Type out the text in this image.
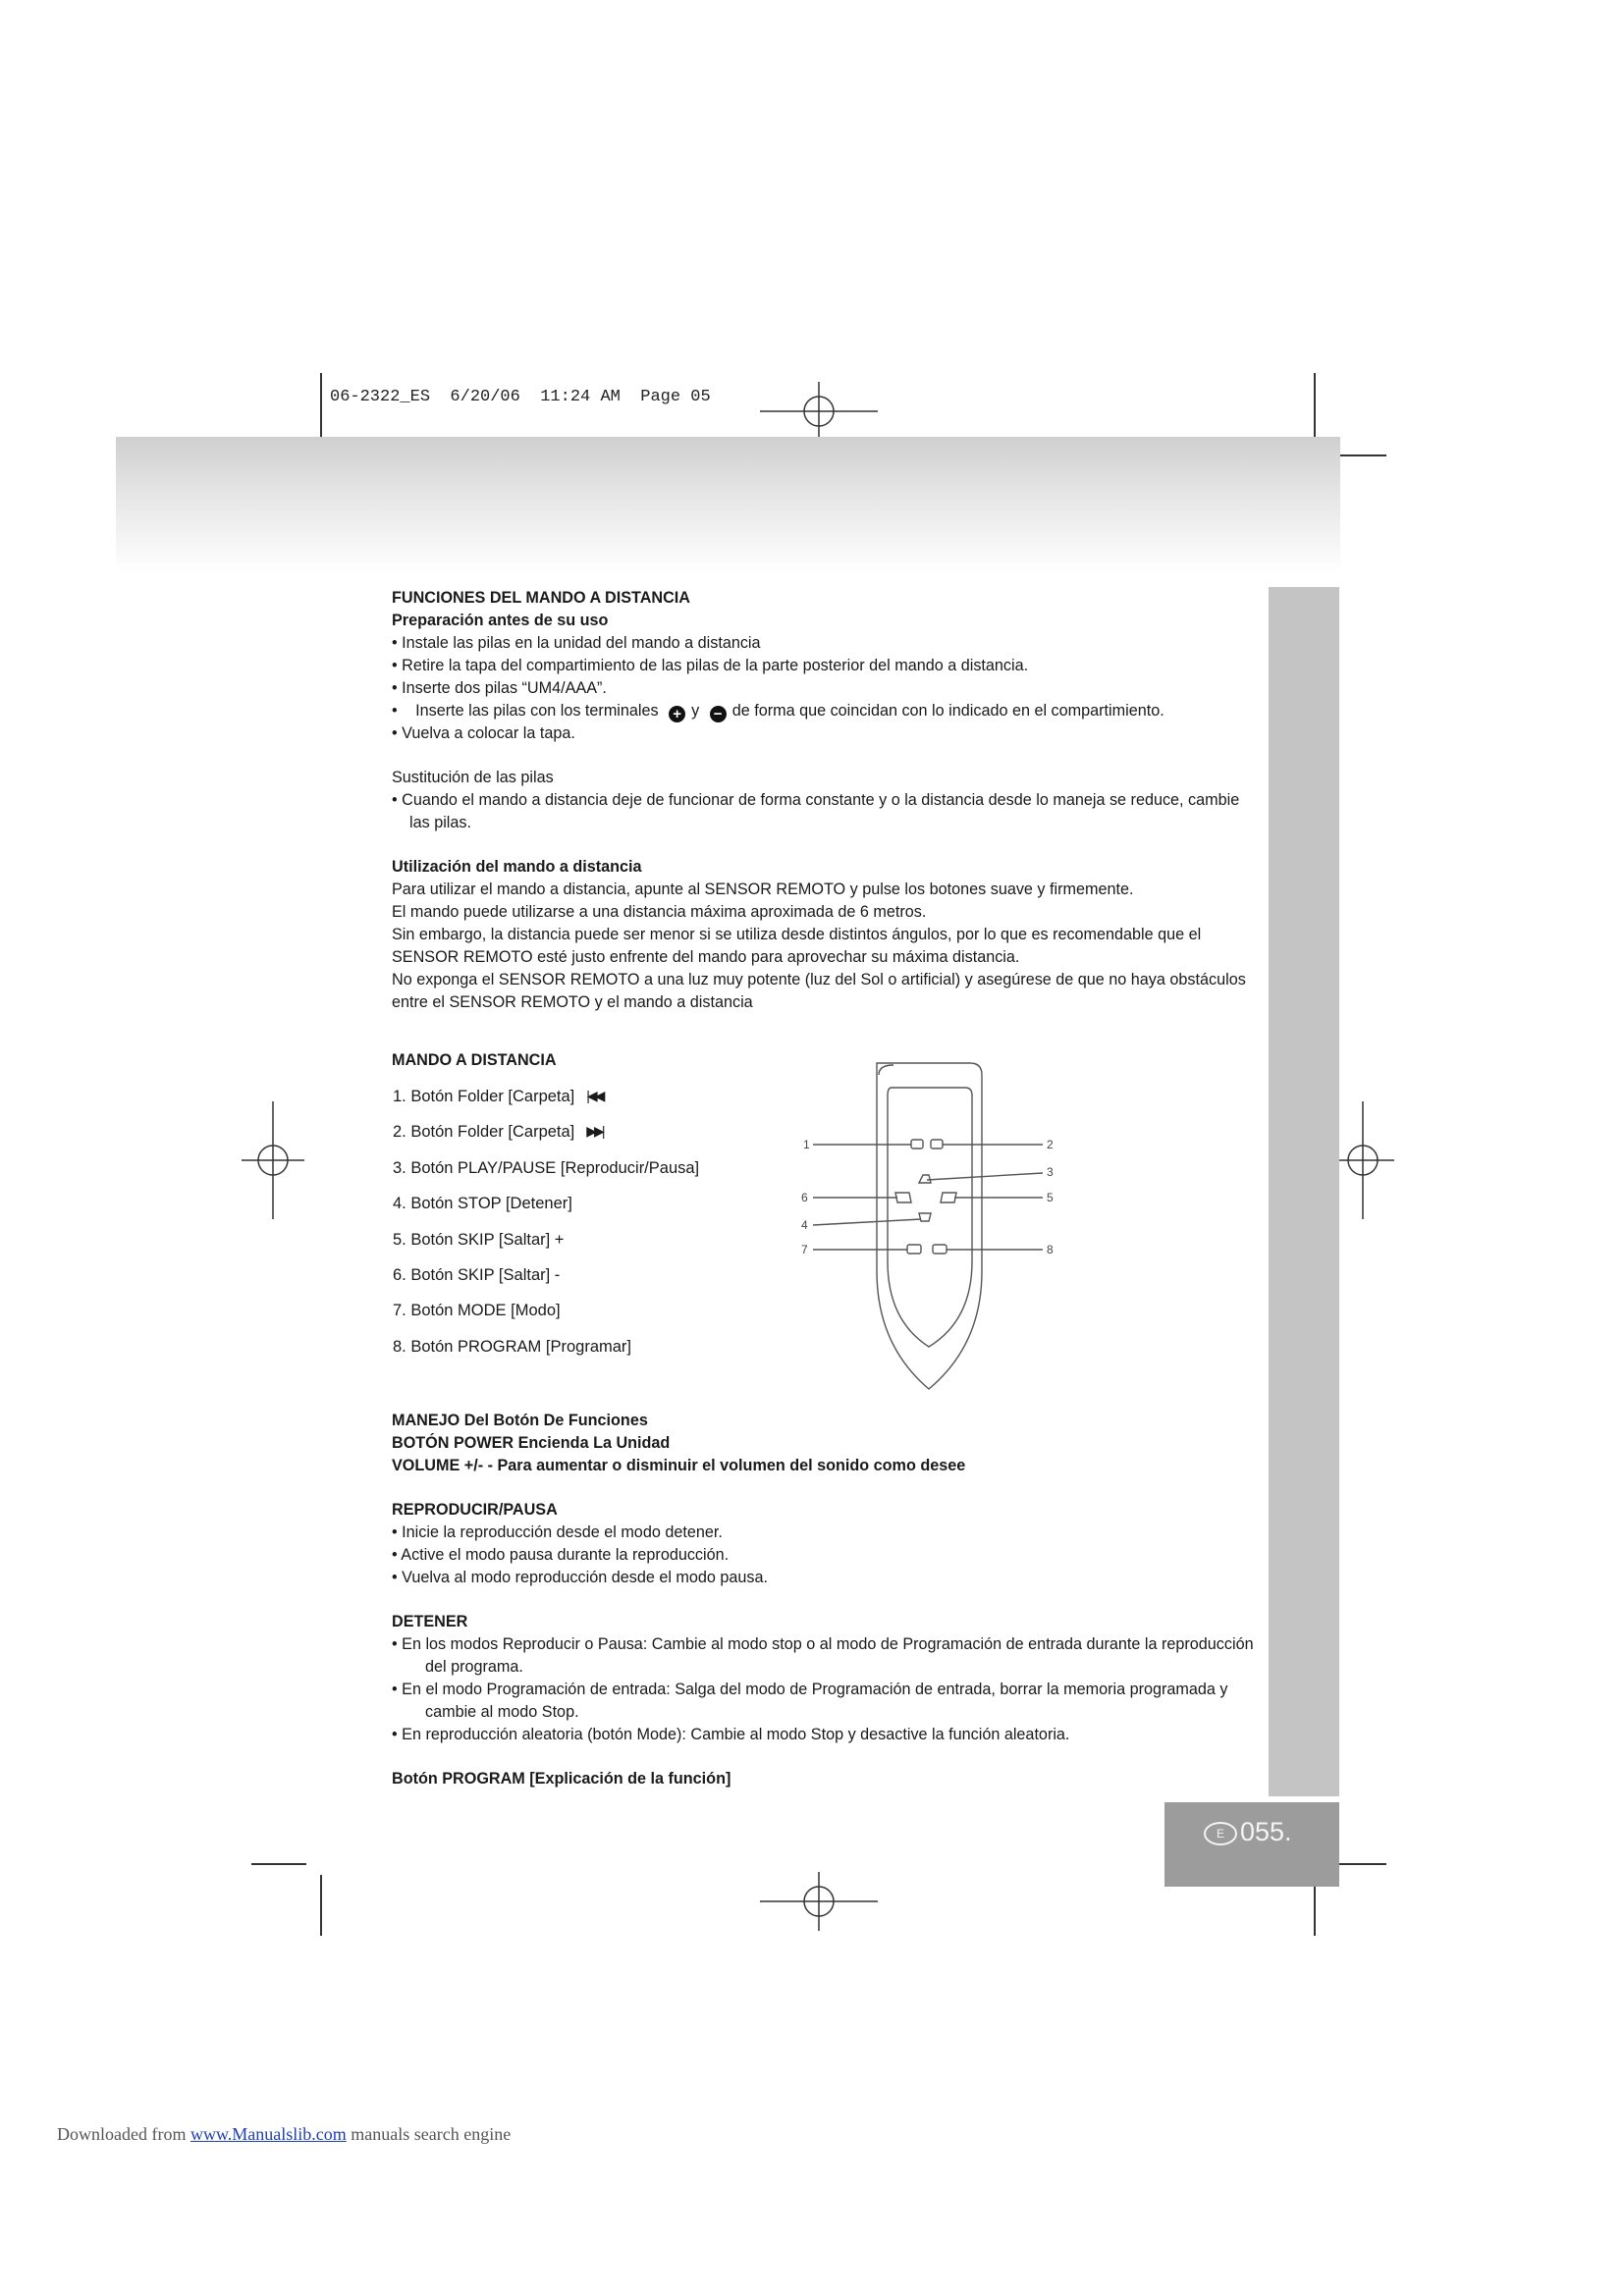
06-2322_ES  6/20/06  11:24 AM  Page 05
E 055.
FUNCIONES DEL MANDO A DISTANCIA
Preparación antes de su uso
• Instale las pilas en la unidad del mando a distancia
• Retire la tapa del compartimiento de las pilas de la parte posterior del mando a distancia.
• Inserte dos pilas “UM4/AAA”.
• Inserte las pilas con los terminales + y − de forma que coincidan con lo indicado en el compartimiento.
• Vuelva a colocar la tapa.
Sustitución de las pilas
• Cuando el mando a distancia deje de funcionar de forma constante y o la distancia desde lo maneja se reduce, cambie las pilas.
Utilización del mando a distancia
Para utilizar el mando a distancia, apunte al SENSOR REMOTO y pulse los botones suave y firmemente.
El mando puede utilizarse a una distancia máxima aproximada de 6 metros.
Sin embargo, la distancia puede ser menor si se utiliza desde distintos ángulos, por lo que es recomendable que el SENSOR REMOTO esté justo enfrente del mando para aprovechar su máxima distancia.
No exponga el SENSOR REMOTO a una luz muy potente (luz del Sol o artificial) y asegúrese de que no haya obstáculos entre el SENSOR REMOTO y el mando a distancia
MANDO A DISTANCIA
1. Botón Folder [Carpeta] |◀◀
2. Botón Folder [Carpeta] ▶▶|
3. Botón PLAY/PAUSE [Reproducir/Pausa]
4. Botón STOP [Detener]
5. Botón SKIP [Saltar] +
6. Botón SKIP [Saltar] -
7. Botón MODE [Modo]
8. Botón PROGRAM [Programar]
1	2
3
4
5
6
7	8
MANEJO Del Botón De Funciones
BOTÓN POWER Encienda La Unidad
VOLUME +/- - Para aumentar o disminuir el volumen del sonido como desee
REPRODUCIR/PAUSA
• Inicie la reproducción desde el modo detener.
• Active el modo pausa durante la reproducción.
• Vuelva al modo reproducción desde el modo pausa.
DETENER
• En los modos Reproducir o Pausa: Cambie al modo stop o al modo de Programación de entrada durante la reproducción del programa.
• En el modo Programación de entrada: Salga del modo de Programación de entrada, borrar la memoria programada y cambie al modo Stop.
• En reproducción aleatoria (botón Mode): Cambie al modo Stop y desactive la función aleatoria.
Botón PROGRAM [Explicación de la función]
Downloaded from www.Manualslib.com manuals search engine
